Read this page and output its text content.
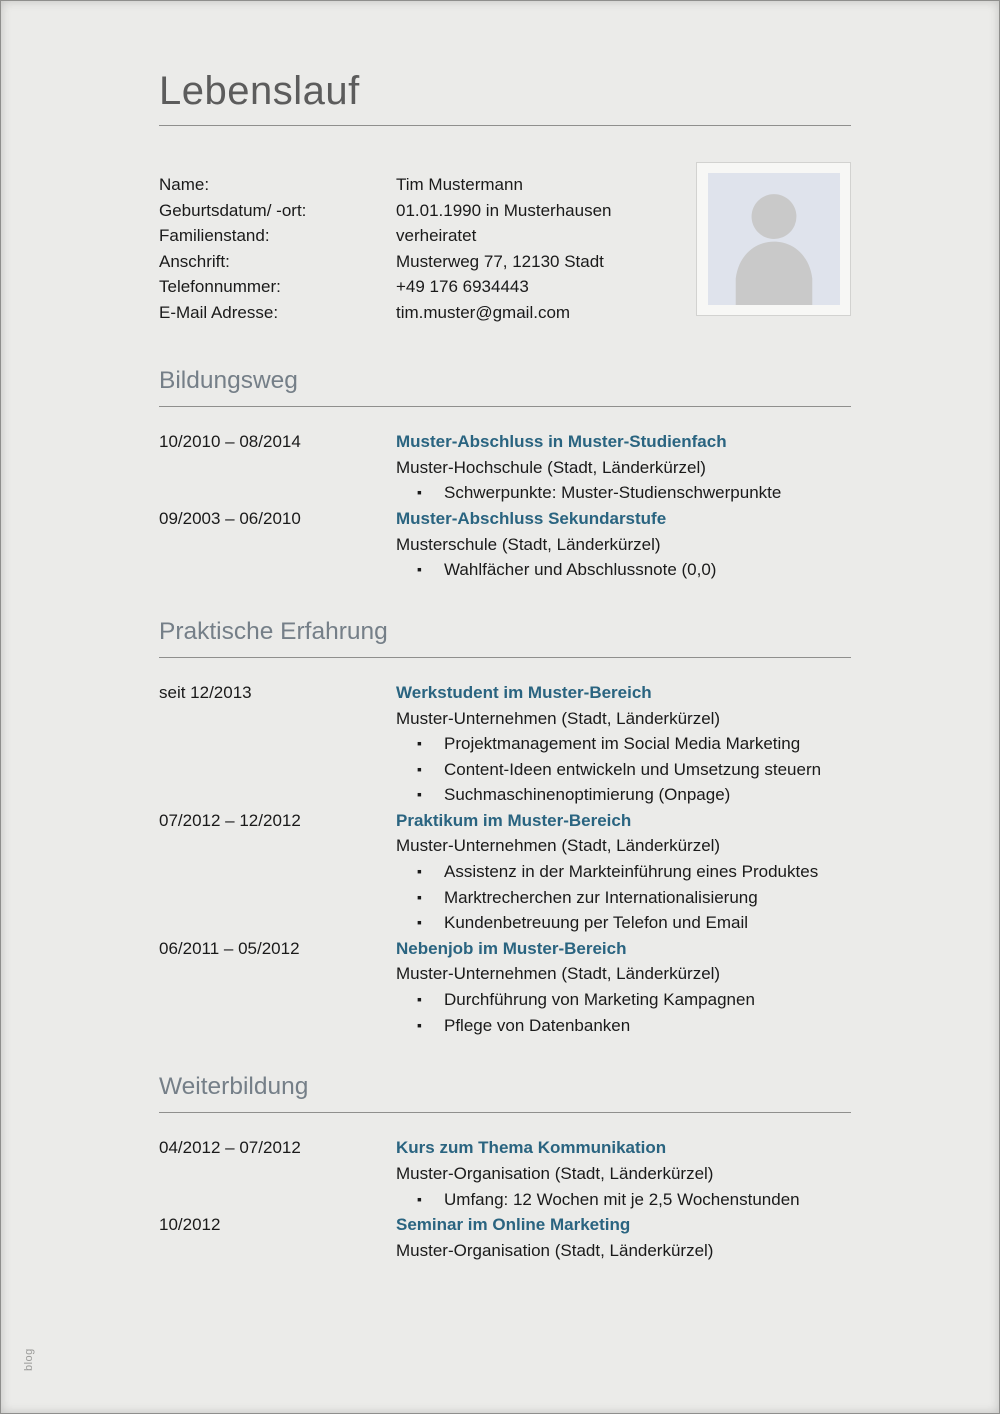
Lebenslauf
Name:	Tim Mustermann
Geburtsdatum/ -ort:	01.01.1990 in Musterhausen
Familienstand:	verheiratet
Anschrift:	Musterweg 77, 12130 Stadt
Telefonnummer:	+49 176 6934443
E-Mail Adresse:	tim.muster@gmail.com
Bildungsweg
10/2010 – 08/2014	Muster-Abschluss in Muster-Studienfach
Muster-Hochschule (Stadt, Länderkürzel)
▪ Schwerpunkte: Muster-Studienschwerpunkte
09/2003 – 06/2010	Muster-Abschluss Sekundarstufe
Musterschule (Stadt, Länderkürzel)
▪ Wahlfächer und Abschlussnote (0,0)
Praktische Erfahrung
seit 12/2013	Werkstudent im Muster-Bereich
Muster-Unternehmen (Stadt, Länderkürzel)
▪ Projektmanagement im Social Media Marketing
▪ Content-Ideen entwickeln und Umsetzung steuern
▪ Suchmaschinenoptimierung (Onpage)
07/2012 – 12/2012	Praktikum im Muster-Bereich
Muster-Unternehmen (Stadt, Länderkürzel)
▪ Assistenz in der Markteinführung eines Produktes
▪ Marktrecherchen zur Internationalisierung
▪ Kundenbetreuung per Telefon und Email
06/2011 – 05/2012	Nebenjob im Muster-Bereich
Muster-Unternehmen (Stadt, Länderkürzel)
▪ Durchführung von Marketing Kampagnen
▪ Pflege von Datenbanken
Weiterbildung
04/2012 – 07/2012	Kurs zum Thema Kommunikation
Muster-Organisation (Stadt, Länderkürzel)
▪ Umfang: 12 Wochen mit je 2,5 Wochenstunden
10/2012	Seminar im Online Marketing
Muster-Organisation (Stadt, Länderkürzel)
blog
